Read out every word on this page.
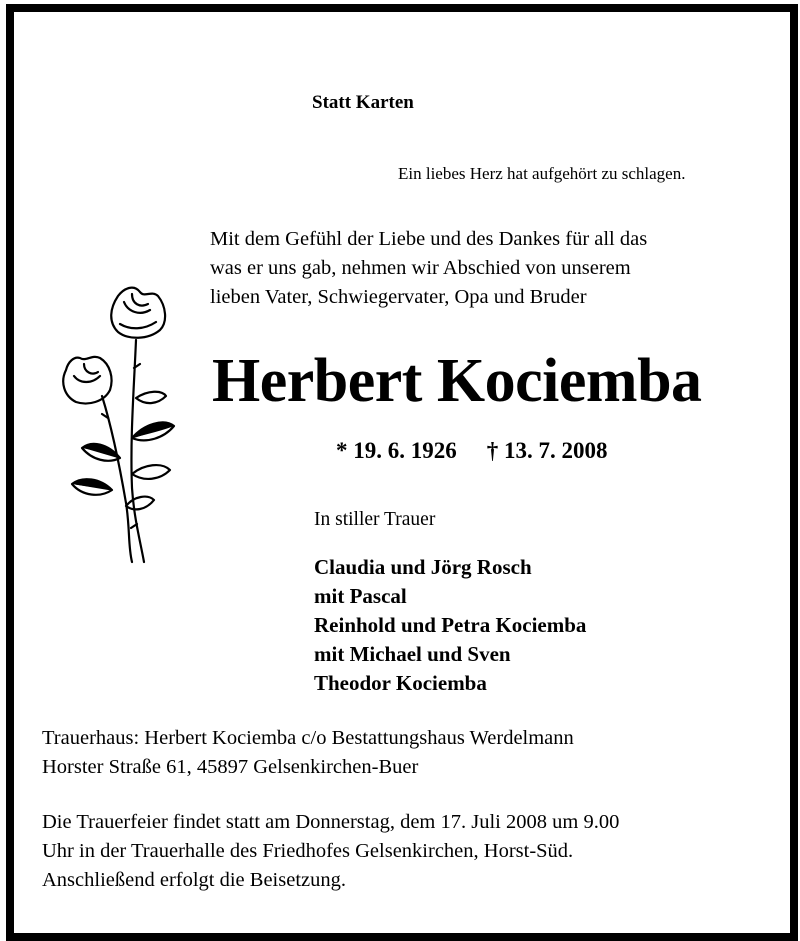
Statt Karten
Ein liebes Herz hat aufgehört zu schlagen.
Mit dem Gefühl der Liebe und des Dankes für all das
was er uns gab, nehmen wir Abschied von unserem
lieben Vater, Schwiegervater, Opa und Bruder
Herbert Kociemba
* 19. 6. 1926 † 13. 7. 2008
In stiller Trauer
Claudia und Jörg Rosch
mit Pascal
Reinhold und Petra Kociemba
mit Michael und Sven
Theodor Kociemba
Trauerhaus: Herbert Kociemba c/o Bestattungshaus Werdelmann
Horster Straße 61, 45897 Gelsenkirchen-Buer
Die Trauerfeier findet statt am Donnerstag, dem 17. Juli 2008 um 9.00
Uhr in der Trauerhalle des Friedhofes Gelsenkirchen, Horst-Süd.
Anschließend erfolgt die Beisetzung.
